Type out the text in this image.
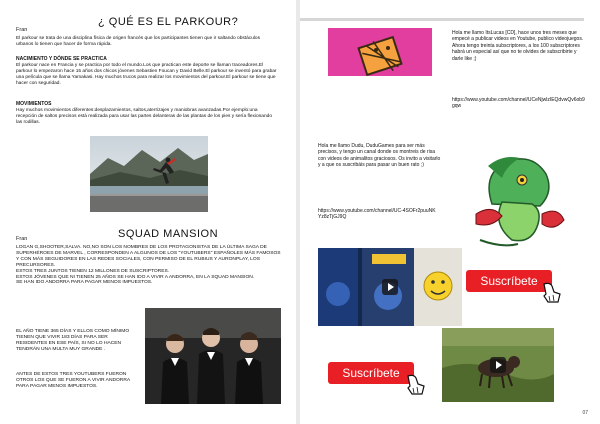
Fran
¿ QUÉ ES EL PARKOUR?
El parkour se trata de una disciplina física de origen francés que los participantes tienen que ir saltando obstáculos urbanos lo tienen que hacer de forma rápida.
NACIMIENTO Y DÓNDE SE PRACTICA
El parkour nace en Francia y se practica por todo el mundo.Los que practican este deporte se llaman traceadores.El parkour lo empezaron hace 15 años dos chicos jóvenes Sebastien Foucan y David Belle.El parkour se inventó para grabar una película que se llama Yamakasi. Hay muchos trucos para realizar los movimientos del parkour.El parkour se tiene que hacer con seguridad.
MOVIMIENTOS
Hay muchos movimientos diferentes:desplazamientos, saltos,aterrizajes y maniobras avanzadas.Por ejemplo:una recepción de saltos precisos está realizada para usar las partes delanteras de las plantas de los pies y sería flexionando las rodillas.
Fran	SQUAD MANSION
LOGAN G,SHOOTER,SALVA. NO,NO SON LOS NOMBRES DE LOS PROTAGONISTAS DE LA ÚLTIMA SAGA DE SUPERHÉROES DE MARVEL , CORRESPONDEN A ALGUNOS DE LOS "YOUTUBERS" ESPAÑOLES MÁS FAMOSOS Y CON MÁS SEGUIDORES EN LAS REDES SOCIALES, CON PERMISO DE EL RUBIUS Y AURONPLAY, LOS PRECURSORES.
ESTOS TRES JUNTOS TIENEN 12 MILLONES DE SUSCRIPTORES.
ESTOS JÓVENES QUE NI TIENEN 25 AÑOS SE HAN IDO A VIVIR A ANDORRA, EN LA SQUAD MANSION.
SE HAN IDO ANDORRA PARA PAGAR MENOS IMPUESTOS.
EL AÑO TIENE 365 DÍAS Y ELLOS COMO MÍNIMO TIENEN QUE VIVIR 183 DÍAS PARA SER RESIDENTES EN ESE PAÍS, SI NO LO HACEN TENDRÁN UNA MULTA MUY GRANDE .
ANTES DE ESTOS TRES YOUTUBERS FUERON OTROS LOS QUE SE FUERON A VIVIR ANDORRA PARA PAGAR MENOS IMPUESTOS.
Hola me llamo ItsLucas [CD], hace unos tres meses que empecé a publicar videos en Youtube, publico videojuegos. Ahora tengo treinta subscriptores, a los 100 subscriptores habrá un especial así que no te olvides de subscribirte y darle like ;)
https://www.youtube.com/channel/UCeNjwlzIEQdvwQv6ob9gqw
Hola me llamo Dudu, DuduGames para ser más precisos, y tengo un canal donde os montreis de risa con videos de animalitos graciosos. Os invito a visitarlo y a que os suscribáis para pasar un buen rato ;)
https://www.youtube.com/channel/UC-4SOFr2puuNKYz8zTjGJ9Q
Suscríbete
Suscríbete
07
